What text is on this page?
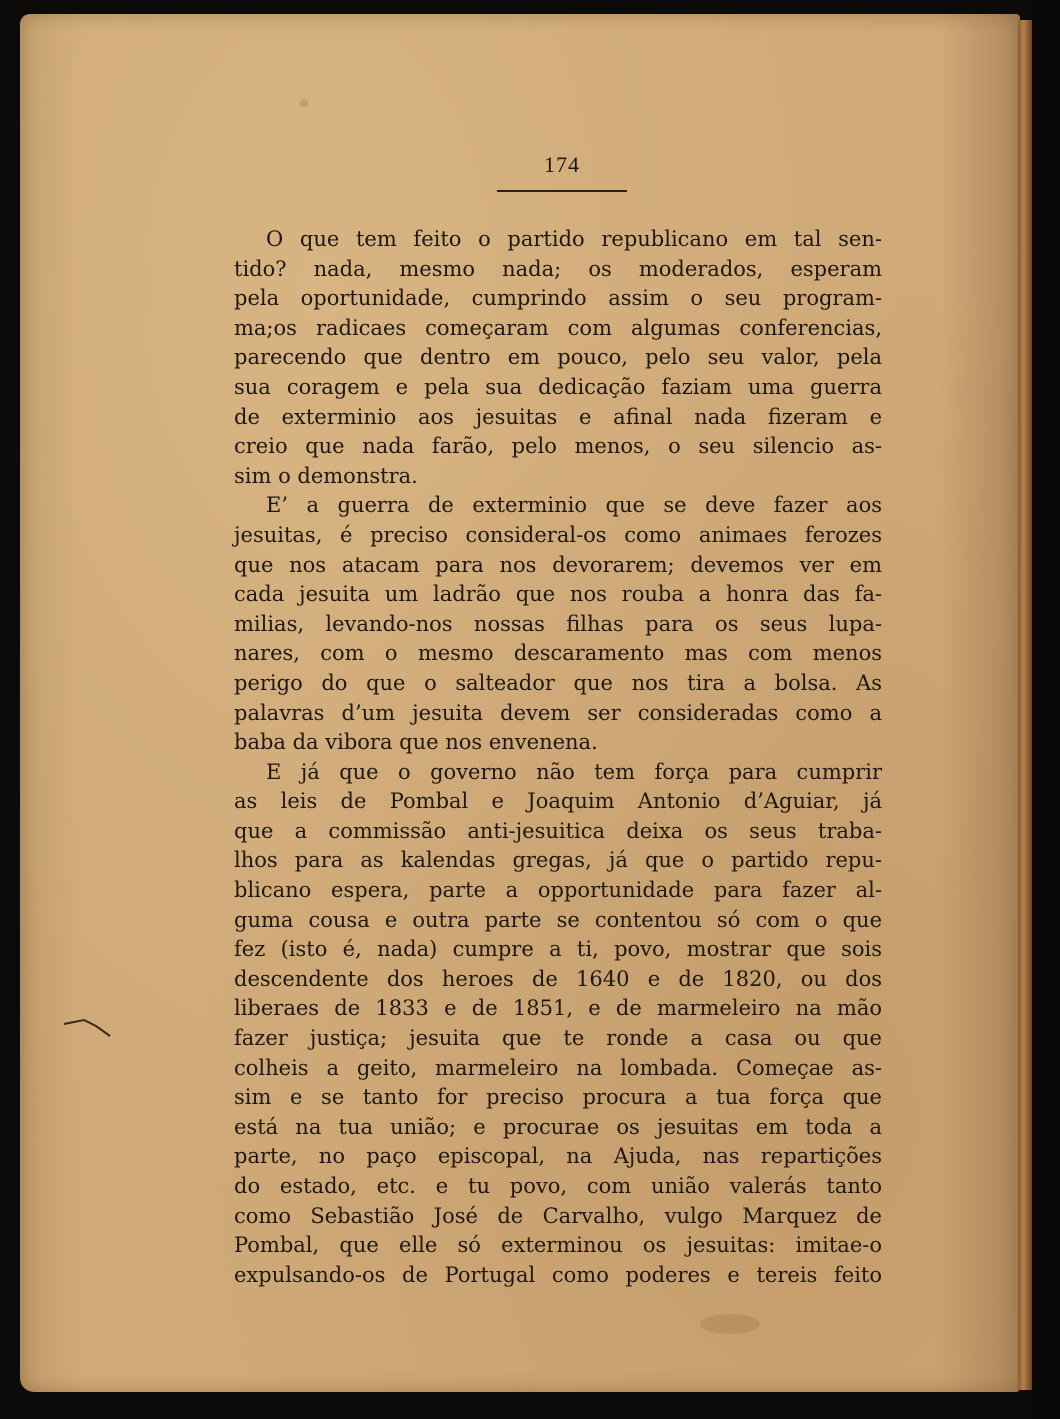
174
O que tem feito o partido republicano em tal sen-
tido? nada, mesmo nada; os moderados, esperam
pela oportunidade, cumprindo assim o seu program-
ma;os radicaes começaram com algumas conferencias,
parecendo que dentro em pouco, pelo seu valor, pela
sua coragem e pela sua dedicação faziam uma guerra
de exterminio aos jesuitas e afinal nada fizeram e
creio que nada farão, pelo menos, o seu silencio as-
sim o demonstra.
E’ a guerra de exterminio que se deve fazer aos
jesuitas, é preciso consideral-os como animaes ferozes
que nos atacam para nos devorarem; devemos ver em
cada jesuita um ladrão que nos rouba a honra das fa-
milias, levando-nos nossas filhas para os seus lupa-
nares, com o mesmo descaramento mas com menos
perigo do que o salteador que nos tira a bolsa. As
palavras d’um jesuita devem ser consideradas como a
baba da vibora que nos envenena.
E já que o governo não tem força para cumprir
as leis de Pombal e Joaquim Antonio d’Aguiar, já
que a commissão anti-jesuitica deixa os seus traba-
lhos para as kalendas gregas, já que o partido repu-
blicano espera, parte a opportunidade para fazer al-
guma cousa e outra parte se contentou só com o que
fez (isto é, nada) cumpre a ti, povo, mostrar que sois
descendente dos heroes de 1640 e de 1820, ou dos
liberaes de 1833 e de 1851, e de marmeleiro na mão
fazer justiça; jesuita que te ronde a casa ou que
colheis a geito, marmeleiro na lombada. Começae as-
sim e se tanto for preciso procura a tua força que
está na tua união; e procurae os jesuitas em toda a
parte, no paço episcopal, na Ajuda, nas repartições
do estado, etc. e tu povo, com união valerás tanto
como Sebastião José de Carvalho, vulgo Marquez de
Pombal, que elle só exterminou os jesuitas: imitae-o
expulsando-os de Portugal como poderes e tereis feito
